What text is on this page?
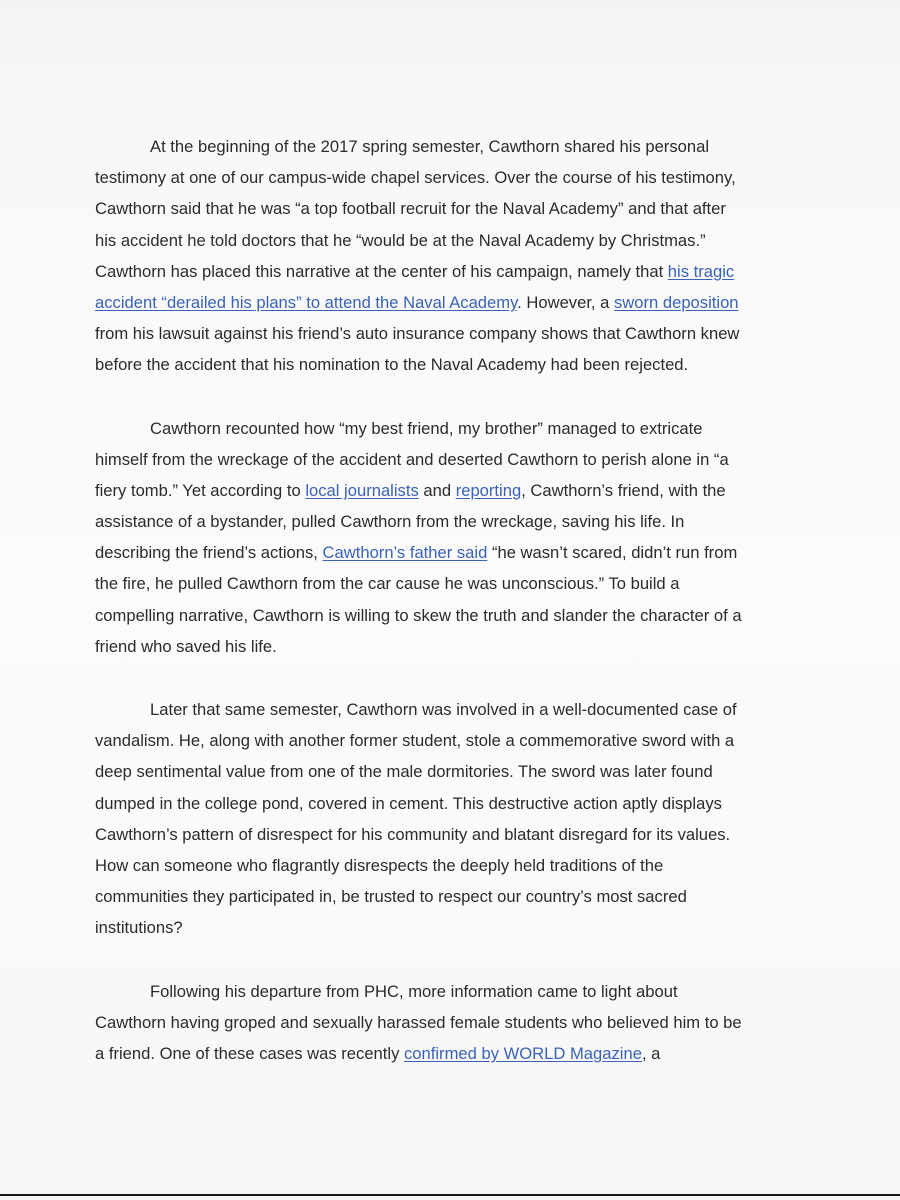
At the beginning of the 2017 spring semester, Cawthorn shared his personal
testimony at one of our campus-wide chapel services. Over the course of his testimony,
Cawthorn said that he was “a top football recruit for the Naval Academy” and that after
his accident he told doctors that he “would be at the Naval Academy by Christmas.”
Cawthorn has placed this narrative at the center of his campaign, namely that his tragic
accident “derailed his plans” to attend the Naval Academy. However, a sworn deposition
from his lawsuit against his friend’s auto insurance company shows that Cawthorn knew
before the accident that his nomination to the Naval Academy had been rejected.
Cawthorn recounted how “my best friend, my brother” managed to extricate
himself from the wreckage of the accident and deserted Cawthorn to perish alone in “a
fiery tomb.” Yet according to local journalists and reporting, Cawthorn’s friend, with the
assistance of a bystander, pulled Cawthorn from the wreckage, saving his life. In
describing the friend’s actions, Cawthorn’s father said “he wasn’t scared, didn’t run from
the fire, he pulled Cawthorn from the car cause he was unconscious.” To build a
compelling narrative, Cawthorn is willing to skew the truth and slander the character of a
friend who saved his life.
Later that same semester, Cawthorn was involved in a well-documented case of
vandalism. He, along with another former student, stole a commemorative sword with a
deep sentimental value from one of the male dormitories. The sword was later found
dumped in the college pond, covered in cement. This destructive action aptly displays
Cawthorn’s pattern of disrespect for his community and blatant disregard for its values.
How can someone who flagrantly disrespects the deeply held traditions of the
communities they participated in, be trusted to respect our country’s most sacred
institutions?
Following his departure from PHC, more information came to light about
Cawthorn having groped and sexually harassed female students who believed him to be
a friend. One of these cases was recently confirmed by WORLD Magazine, a
